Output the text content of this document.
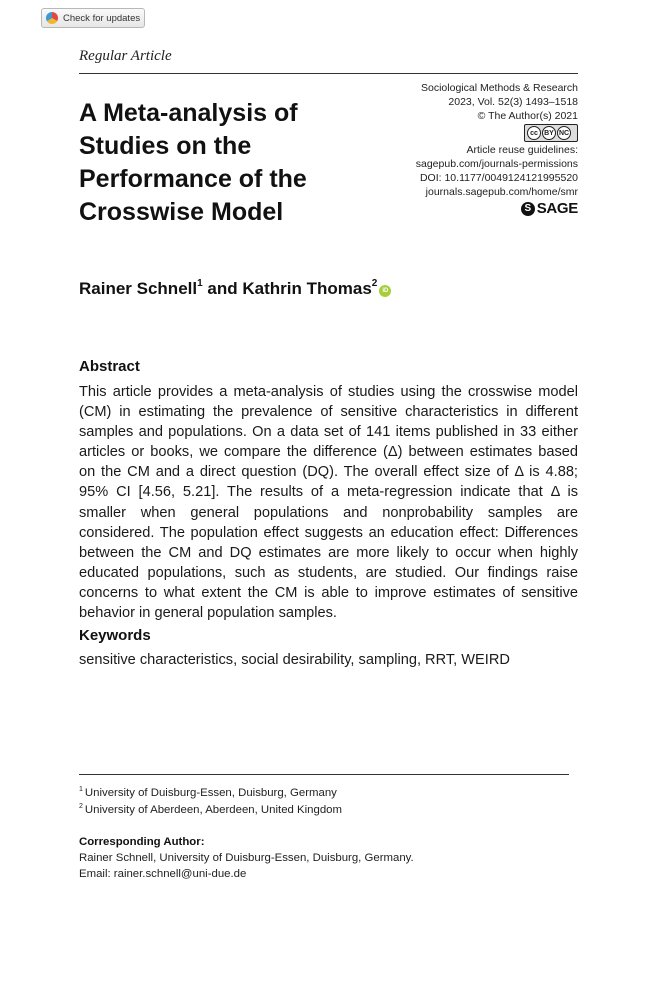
Check for updates
Regular Article
A Meta-analysis of Studies on the Performance of the Crosswise Model
Sociological Methods & Research
2023, Vol. 52(3) 1493–1518
© The Author(s) 2021
cc BY NC
Article reuse guidelines:
sagepub.com/journals-permissions
DOI: 10.1177/0049124121995520
journals.sagepub.com/home/smr
S SAGE
Rainer Schnell$^1$ and Kathrin Thomas$^2$iD
Abstract

This article provides a meta-analysis of studies using the crosswise model (CM) in estimating the prevalence of sensitive characteristics in different samples and populations. On a data set of 141 items published in 33 either articles or books, we compare the difference (Δ) between estimates based on the CM and a direct question (DQ). The overall effect size of Δ is 4.88; 95% CI [4.56, 5.21]. The results of a meta-regression indicate that Δ is smaller when general populations and nonprobability samples are considered. The population effect suggests an education effect: Differences between the CM and DQ estimates are more likely to occur when highly educated populations, such as students, are studied. Our findings raise concerns to what extent the CM is able to improve estimates of sensitive behavior in general population samples.

Keywords
sensitive characteristics, social desirability, sampling, RRT, WEIRD
$^1$ University of Duisburg-Essen, Duisburg, Germany
$^2$ University of Aberdeen, Aberdeen, United Kingdom
Corresponding Author:
Rainer Schnell, University of Duisburg-Essen, Duisburg, Germany.
Email: rainer.schnell@uni-due.de
